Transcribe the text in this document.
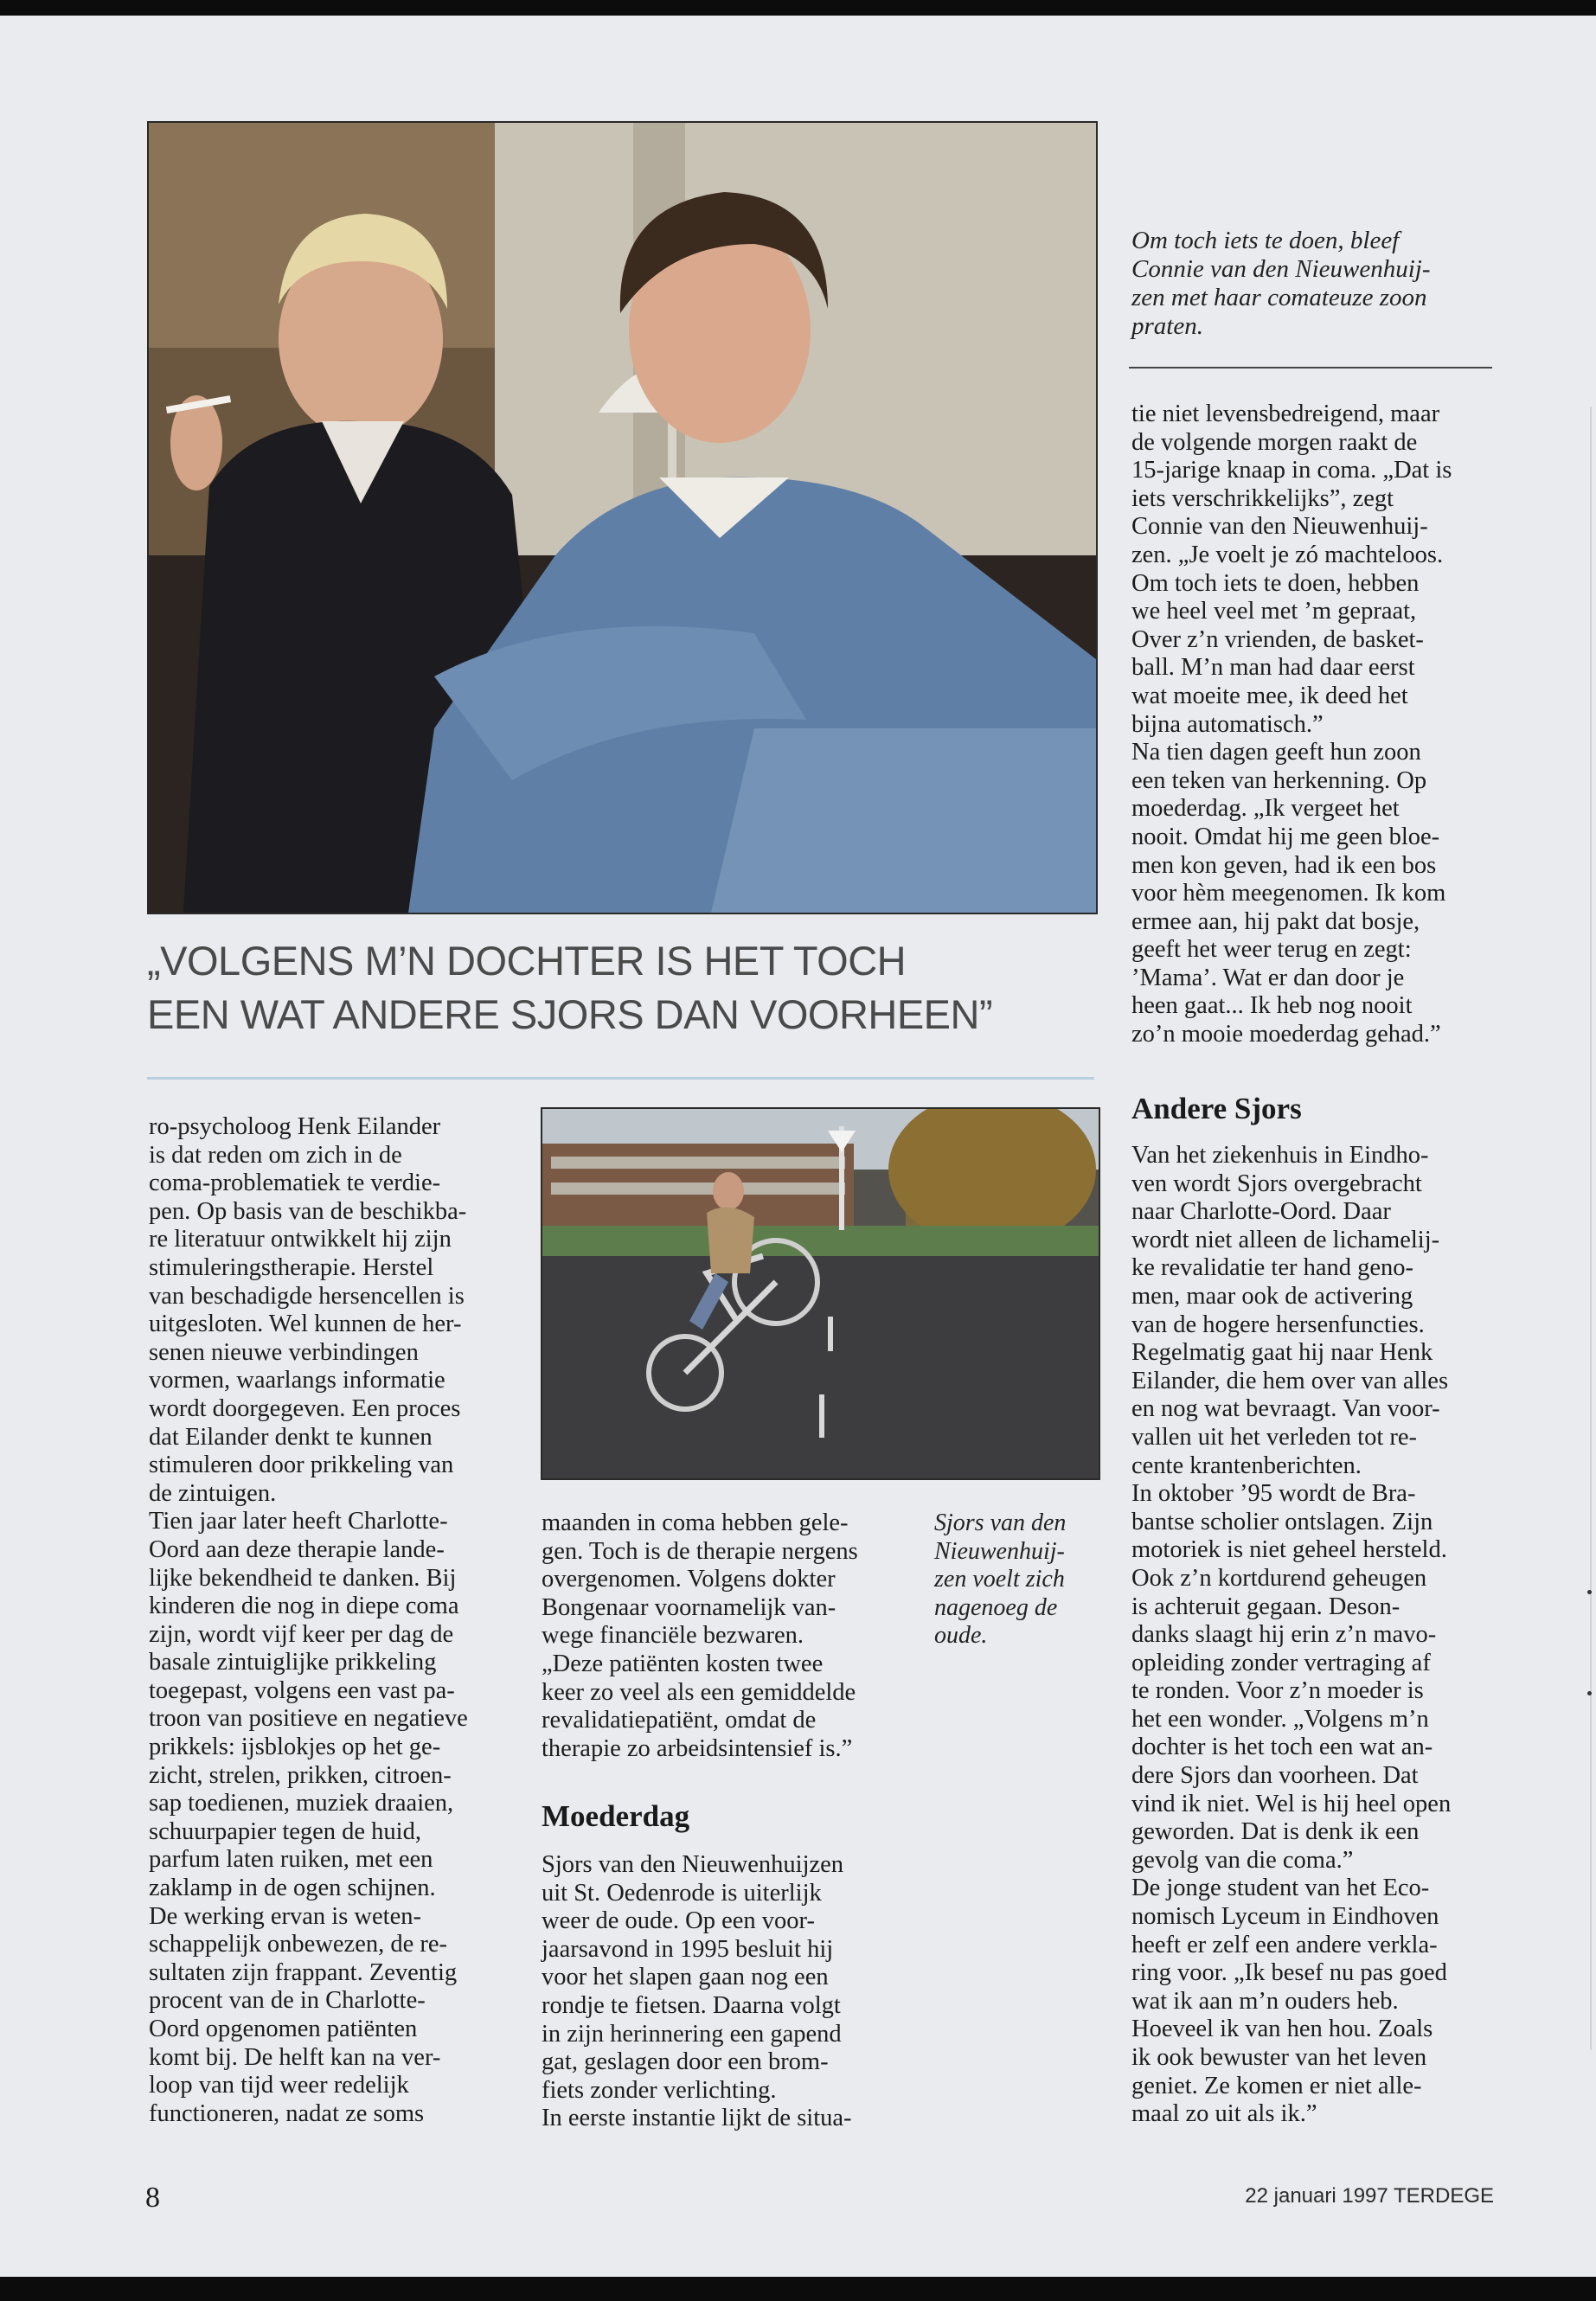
Om toch iets te doen, bleef
Connie van den Nieuwenhuij-
zen met haar comateuze zoon
praten.

„VOLGENS M’N DOCHTER IS HET TOCH
EEN WAT ANDERE SJORS DAN VOORHEEN”

ro-psycholoog Henk Eilander
is dat reden om zich in de
coma-problematiek te verdie-
pen. Op basis van de beschikba-
re literatuur ontwikkelt hij zijn
stimuleringstherapie. Herstel
van beschadigde hersencellen is
uitgesloten. Wel kunnen de her-
senen nieuwe verbindingen
vormen, waarlangs informatie
wordt doorgegeven. Een proces
dat Eilander denkt te kunnen
stimuleren door prikkeling van
de zintuigen.
Tien jaar later heeft Charlotte-
Oord aan deze therapie lande-
lijke bekendheid te danken. Bij
kinderen die nog in diepe coma
zijn, wordt vijf keer per dag de
basale zintuiglijke prikkeling
toegepast, volgens een vast pa-
troon van positieve en negatieve
prikkels: ijsblokjes op het ge-
zicht, strelen, prikken, citroen-
sap toedienen, muziek draaien,
schuurpapier tegen de huid,
parfum laten ruiken, met een
zaklamp in de ogen schijnen.
De werking ervan is weten-
schappelijk onbewezen, de re-
sultaten zijn frappant. Zeventig
procent van de in Charlotte-
Oord opgenomen patiënten
komt bij. De helft kan na ver-
loop van tijd weer redelijk
functioneren, nadat ze soms

maanden in coma hebben gele-
gen. Toch is de therapie nergens
overgenomen. Volgens dokter
Bongenaar voornamelijk van-
wege financiële bezwaren.
„Deze patiënten kosten twee
keer zo veel als een gemiddelde
revalidatiepatiënt, omdat de
therapie zo arbeidsintensief is.”

Moederdag

Sjors van den Nieuwenhuijzen
uit St. Oedenrode is uiterlijk
weer de oude. Op een voor-
jaarsavond in 1995 besluit hij
voor het slapen gaan nog een
rondje te fietsen. Daarna volgt
in zijn herinnering een gapend
gat, geslagen door een brom-
fiets zonder verlichting.
In eerste instantie lijkt de situa-

Sjors van den
Nieuwenhuij-
zen voelt zich
nagenoeg de
oude.

tie niet levensbedreigend, maar
de volgende morgen raakt de
15-jarige knaap in coma. „Dat is
iets verschrikkelijks”, zegt
Connie van den Nieuwenhuij-
zen. „Je voelt je zó machteloos.
Om toch iets te doen, hebben
we heel veel met ’m gepraat,
Over z’n vrienden, de basket-
ball. M’n man had daar eerst
wat moeite mee, ik deed het
bijna automatisch.”
Na tien dagen geeft hun zoon
een teken van herkenning. Op
moederdag. „Ik vergeet het
nooit. Omdat hij me geen bloe-
men kon geven, had ik een bos
voor hèm meegenomen. Ik kom
ermee aan, hij pakt dat bosje,
geeft het weer terug en zegt:
’Mama’. Wat er dan door je
heen gaat... Ik heb nog nooit
zo’n mooie moederdag gehad.”

Andere Sjors

Van het ziekenhuis in Eindho-
ven wordt Sjors overgebracht
naar Charlotte-Oord. Daar
wordt niet alleen de lichamelij-
ke revalidatie ter hand geno-
men, maar ook de activering
van de hogere hersenfuncties.
Regelmatig gaat hij naar Henk
Eilander, die hem over van alles
en nog wat bevraagt. Van voor-
vallen uit het verleden tot re-
cente krantenberichten.
In oktober ’95 wordt de Bra-
bantse scholier ontslagen. Zijn
motoriek is niet geheel hersteld.
Ook z’n kortdurend geheugen
is achteruit gegaan. Deson-
danks slaagt hij erin z’n mavo-
opleiding zonder vertraging af
te ronden. Voor z’n moeder is
het een wonder. „Volgens m’n
dochter is het toch een wat an-
dere Sjors dan voorheen. Dat
vind ik niet. Wel is hij heel open
geworden. Dat is denk ik een
gevolg van die coma.”
De jonge student van het Eco-
nomisch Lyceum in Eindhoven
heeft er zelf een andere verkla-
ring voor. „Ik besef nu pas goed
wat ik aan m’n ouders heb.
Hoeveel ik van hen hou. Zoals
ik ook bewuster van het leven
geniet. Ze komen er niet alle-
maal zo uit als ik.”

8	22 januari 1997 TERDEGE
